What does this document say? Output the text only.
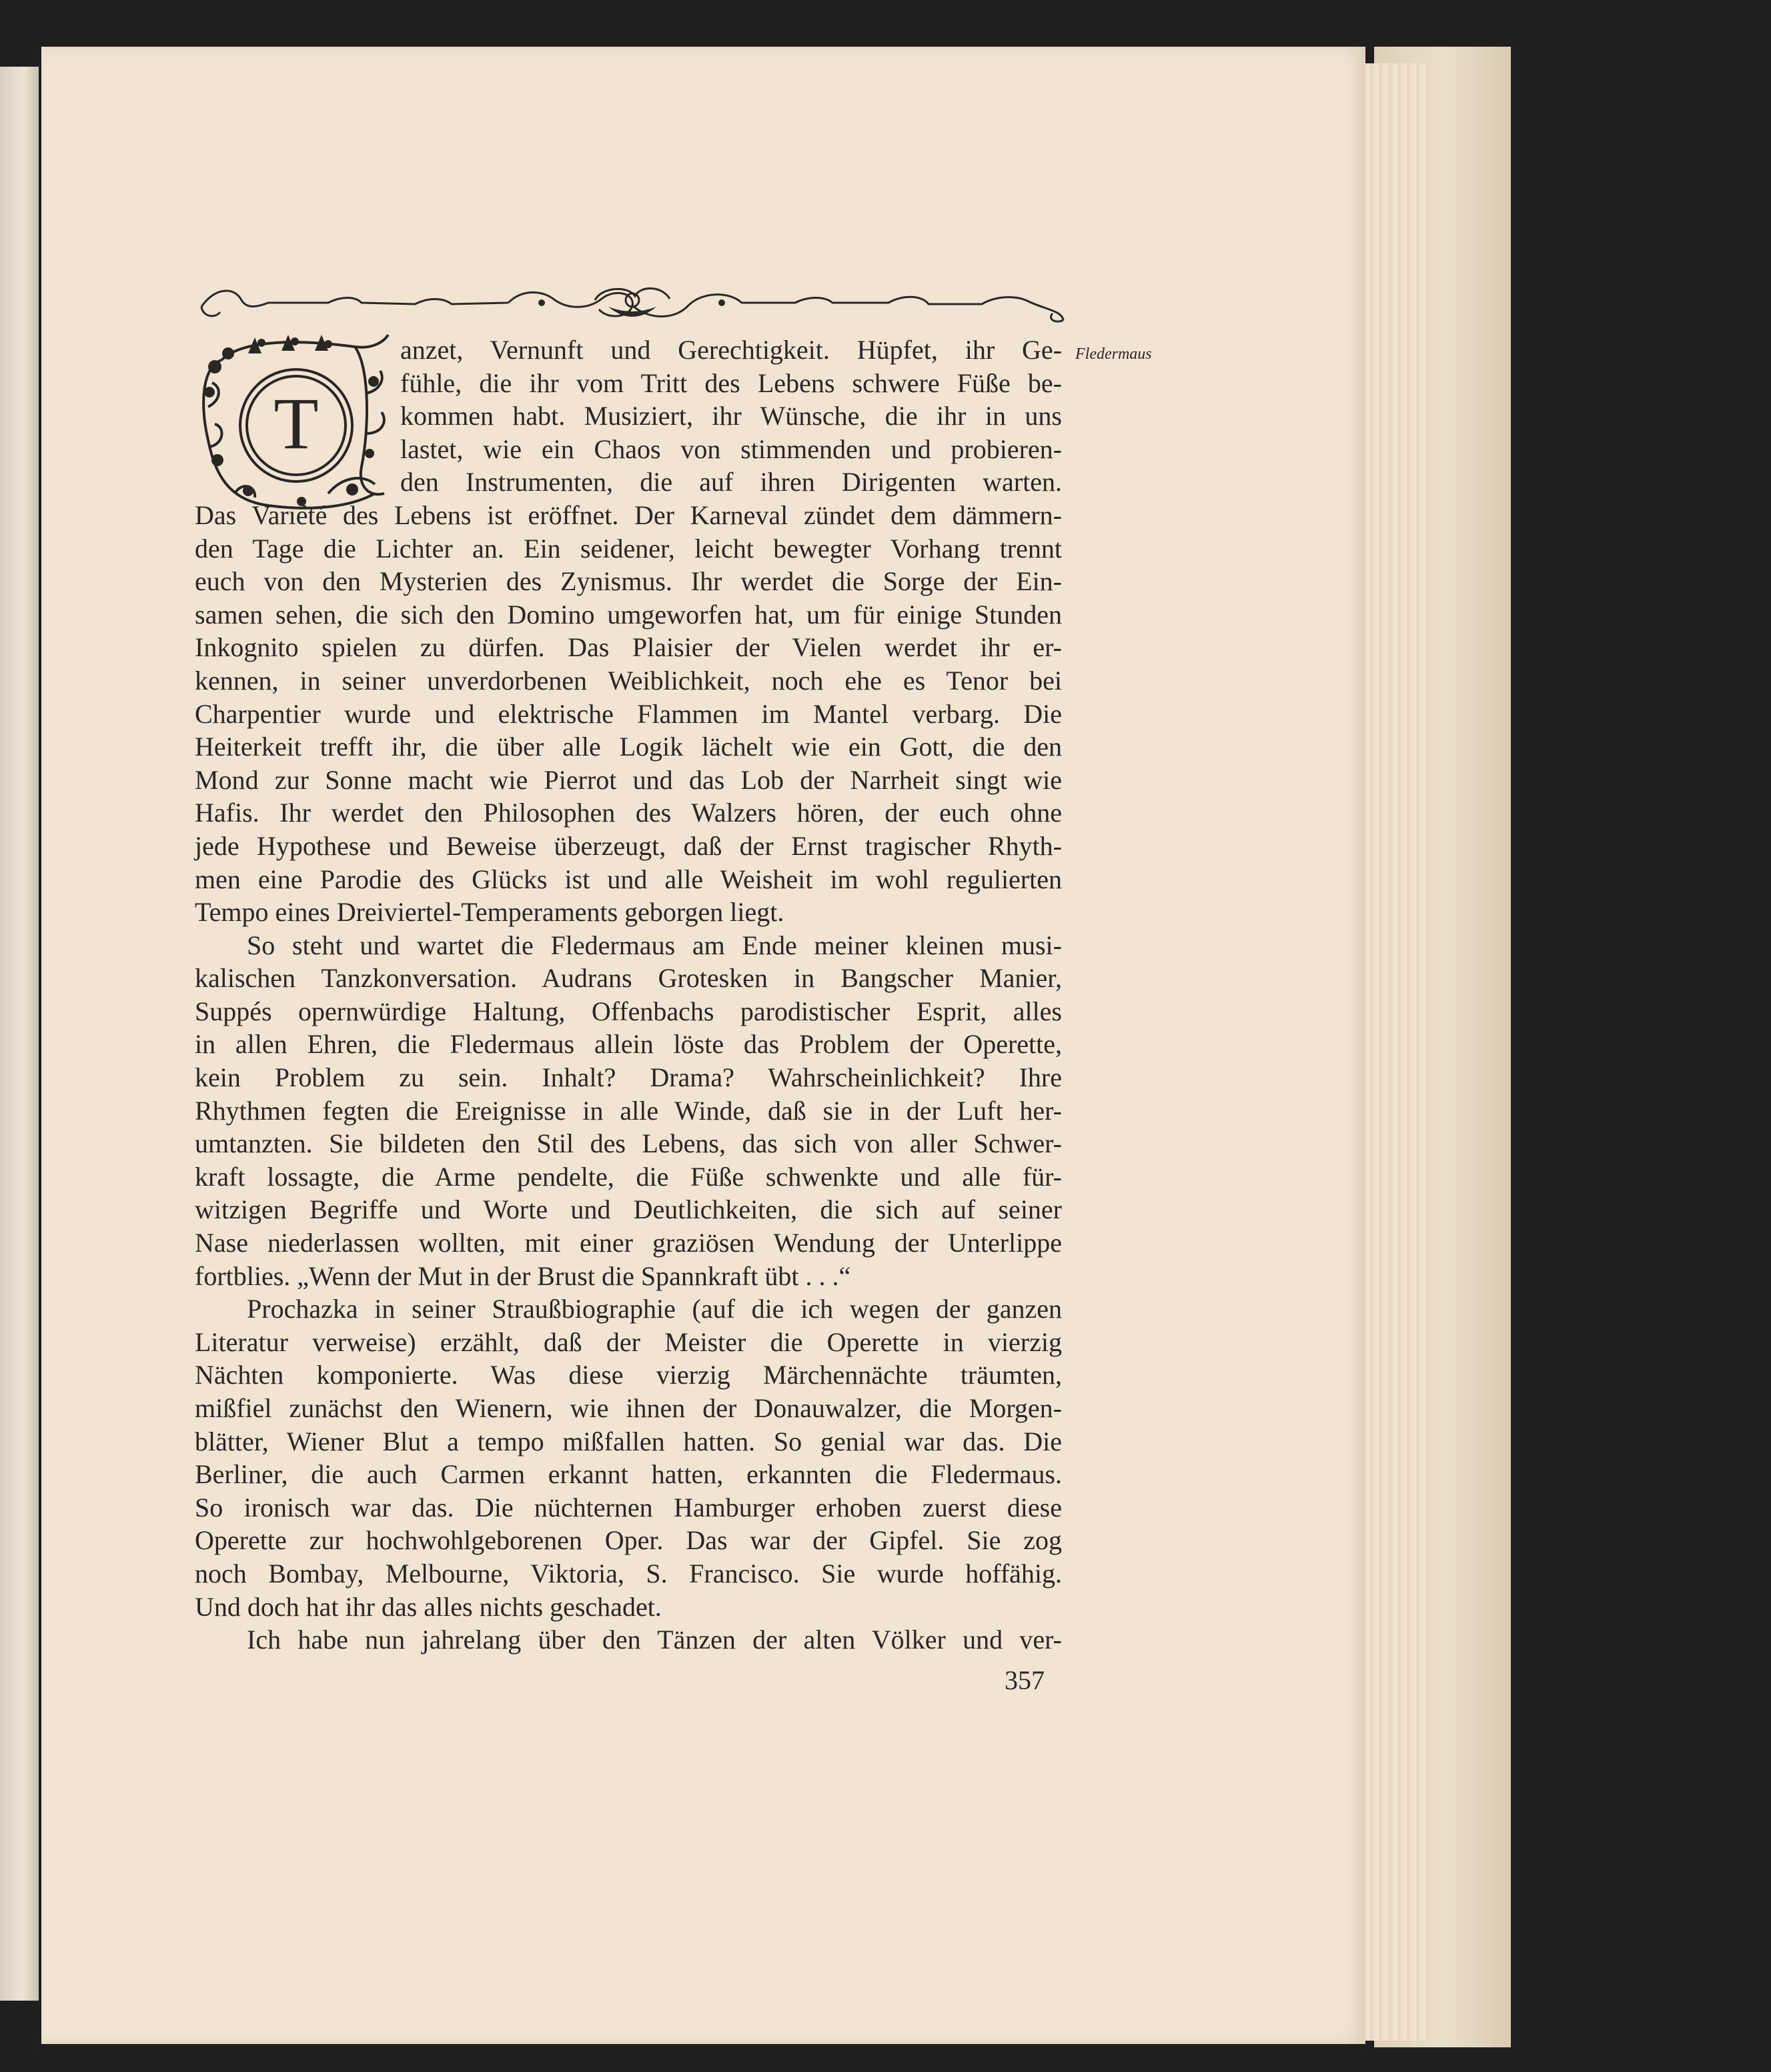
T
Fledermaus
anzet, Vernunft und Gerechtigkeit. Hüpfet, ihr Ge-
fühle, die ihr vom Tritt des Lebens schwere Füße be-
kommen habt. Musiziert, ihr Wünsche, die ihr in uns
lastet, wie ein Chaos von stimmenden und probieren-
den Instrumenten, die auf ihren Dirigenten warten.
Das Variété des Lebens ist eröffnet. Der Karneval zündet dem dämmern-
den Tage die Lichter an. Ein seidener, leicht bewegter Vorhang trennt
euch von den Mysterien des Zynismus. Ihr werdet die Sorge der Ein-
samen sehen, die sich den Domino umgeworfen hat, um für einige Stunden
Inkognito spielen zu dürfen. Das Plaisier der Vielen werdet ihr er-
kennen, in seiner unverdorbenen Weiblichkeit, noch ehe es Tenor bei
Charpentier wurde und elektrische Flammen im Mantel verbarg. Die
Heiterkeit trefft ihr, die über alle Logik lächelt wie ein Gott, die den
Mond zur Sonne macht wie Pierrot und das Lob der Narrheit singt wie
Hafis. Ihr werdet den Philosophen des Walzers hören, der euch ohne
jede Hypothese und Beweise überzeugt, daß der Ernst tragischer Rhyth-
men eine Parodie des Glücks ist und alle Weisheit im wohl regulierten
Tempo eines Dreiviertel-Temperaments geborgen liegt.
So steht und wartet die Fledermaus am Ende meiner kleinen musi-
kalischen Tanzkonversation. Audrans Grotesken in Bangscher Manier,
Suppés opernwürdige Haltung, Offenbachs parodistischer Esprit, alles
in allen Ehren, die Fledermaus allein löste das Problem der Operette,
kein Problem zu sein. Inhalt? Drama? Wahrscheinlichkeit? Ihre
Rhythmen fegten die Ereignisse in alle Winde, daß sie in der Luft her-
umtanzten. Sie bildeten den Stil des Lebens, das sich von aller Schwer-
kraft lossagte, die Arme pendelte, die Füße schwenkte und alle für-
witzigen Begriffe und Worte und Deutlichkeiten, die sich auf seiner
Nase niederlassen wollten, mit einer graziösen Wendung der Unterlippe
fortblies. „Wenn der Mut in der Brust die Spannkraft übt . . .“
Prochazka in seiner Straußbiographie (auf die ich wegen der ganzen
Literatur verweise) erzählt, daß der Meister die Operette in vierzig
Nächten komponierte. Was diese vierzig Märchennächte träumten,
mißfiel zunächst den Wienern, wie ihnen der Donauwalzer, die Morgen-
blätter, Wiener Blut a tempo mißfallen hatten. So genial war das. Die
Berliner, die auch Carmen erkannt hatten, erkannten die Fledermaus.
So ironisch war das. Die nüchternen Hamburger erhoben zuerst diese
Operette zur hochwohlgeborenen Oper. Das war der Gipfel. Sie zog
noch Bombay, Melbourne, Viktoria, S. Francisco. Sie wurde hoffähig.
Und doch hat ihr das alles nichts geschadet.
Ich habe nun jahrelang über den Tänzen der alten Völker und ver-
357
